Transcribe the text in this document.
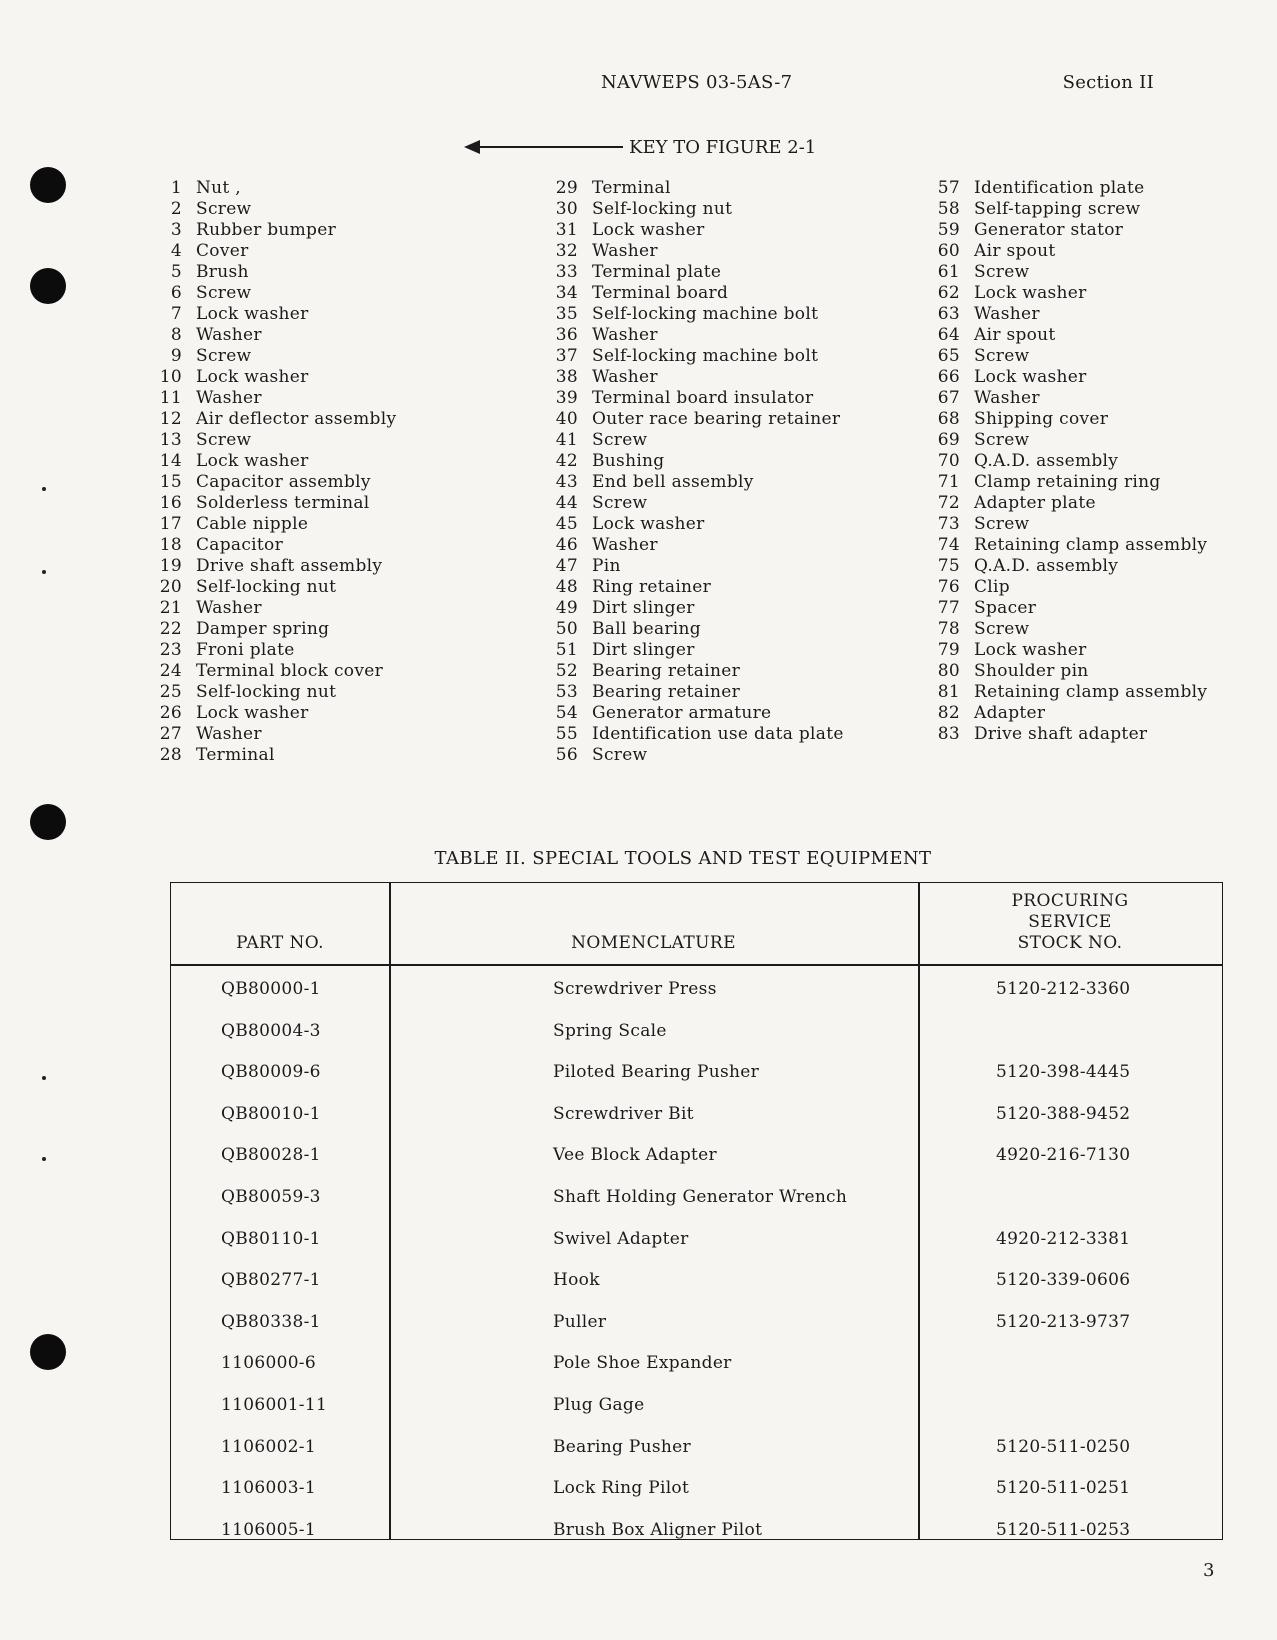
NAVWEPS 03-5AS-7	Section II
KEY TO FIGURE 2-1
1 Nut ,
2 Screw
3 Rubber bumper
4 Cover
5 Brush
6 Screw
7 Lock washer
8 Washer
9 Screw
10 Lock washer
11 Washer
12 Air deflector assembly
13 Screw
14 Lock washer
15 Capacitor assembly
16 Solderless terminal
17 Cable nipple
18 Capacitor
19 Drive shaft assembly
20 Self-locking nut
21 Washer
22 Damper spring
23 Froni plate
24 Terminal block cover
25 Self-locking nut
26 Lock washer
27 Washer
28 Terminal
29 Terminal
30 Self-locking nut
31 Lock washer
32 Washer
33 Terminal plate
34 Terminal board
35 Self-locking machine bolt
36 Washer
37 Self-locking machine bolt
38 Washer
39 Terminal board insulator
40 Outer race bearing retainer
41 Screw
42 Bushing
43 End bell assembly
44 Screw
45 Lock washer
46 Washer
47 Pin
48 Ring retainer
49 Dirt slinger
50 Ball bearing
51 Dirt slinger
52 Bearing retainer
53 Bearing retainer
54 Generator armature
55 Identification use data plate
56 Screw
57 Identification plate
58 Self-tapping screw
59 Generator stator
60 Air spout
61 Screw
62 Lock washer
63 Washer
64 Air spout
65 Screw
66 Lock washer
67 Washer
68 Shipping cover
69 Screw
70 Q.A.D. assembly
71 Clamp retaining ring
72 Adapter plate
73 Screw
74 Retaining clamp assembly
75 Q.A.D. assembly
76 Clip
77 Spacer
78 Screw
79 Lock washer
80 Shoulder pin
81 Retaining clamp assembly
82 Adapter
83 Drive shaft adapter
TABLE II. SPECIAL TOOLS AND TEST EQUIPMENT
PART NO.	NOMENCLATURE
PROCURING
SERVICE
STOCK NO.
QB80000-1	Screwdriver Press	5120-212-3360
QB80004-3	Spring Scale
QB80009-6	Piloted Bearing Pusher	5120-398-4445
QB80010-1	Screwdriver Bit	5120-388-9452
QB80028-1	Vee Block Adapter	4920-216-7130
QB80059-3	Shaft Holding Generator Wrench
QB80110-1	Swivel Adapter	4920-212-3381
QB80277-1	Hook	5120-339-0606
QB80338-1	Puller	5120-213-9737
1106000-6	Pole Shoe Expander
1106001-11	Plug Gage
1106002-1	Bearing Pusher	5120-511-0250
1106003-1	Lock Ring Pilot	5120-511-0251
1106005-1	Brush Box Aligner Pilot	5120-511-0253
3
